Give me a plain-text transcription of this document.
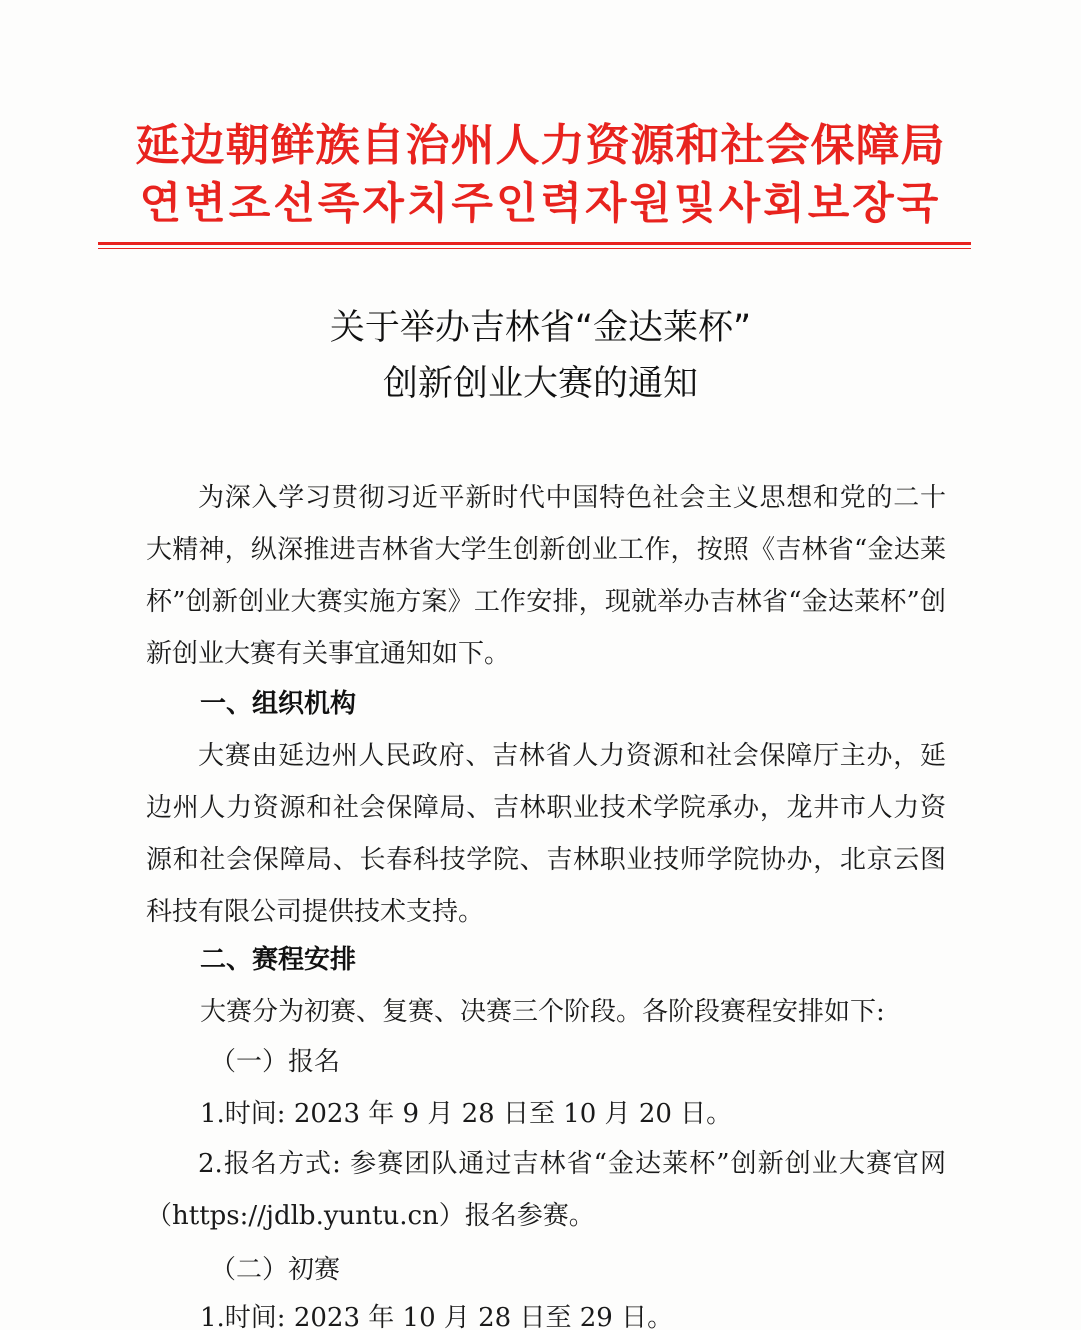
延边朝鲜族自治州人力资源和社会保障局
연변조선족자치주인력자원및사회보장국
关于举办吉林省“金达莱杯”
创新创业大赛的通知
为深入学习贯彻习近平新时代中国特色社会主义思想和党的二十大精神，纵深推进吉林省大学生创新创业工作，按照《吉林省“金达莱杯”创新创业大赛实施方案》工作安排，现就举办吉林省“金达莱杯”创新创业大赛有关事宜通知如下。
一、组织机构
大赛由延边州人民政府、吉林省人力资源和社会保障厅主办，延边州人力资源和社会保障局、吉林职业技术学院承办，龙井市人力资源和社会保障局、长春科技学院、吉林职业技师学院协办，北京云图科技有限公司提供技术支持。
二、赛程安排
大赛分为初赛、复赛、决赛三个阶段。各阶段赛程安排如下:
（一）报名
1.时间: 2023 年 9 月 28 日至 10 月 20 日。
2.报名方式: 参赛团队通过吉林省“金达莱杯”创新创业大赛官网（https://jdlb.yuntu.cn）报名参赛。
（二）初赛
1.时间: 2023 年 10 月 28 日至 29 日。
